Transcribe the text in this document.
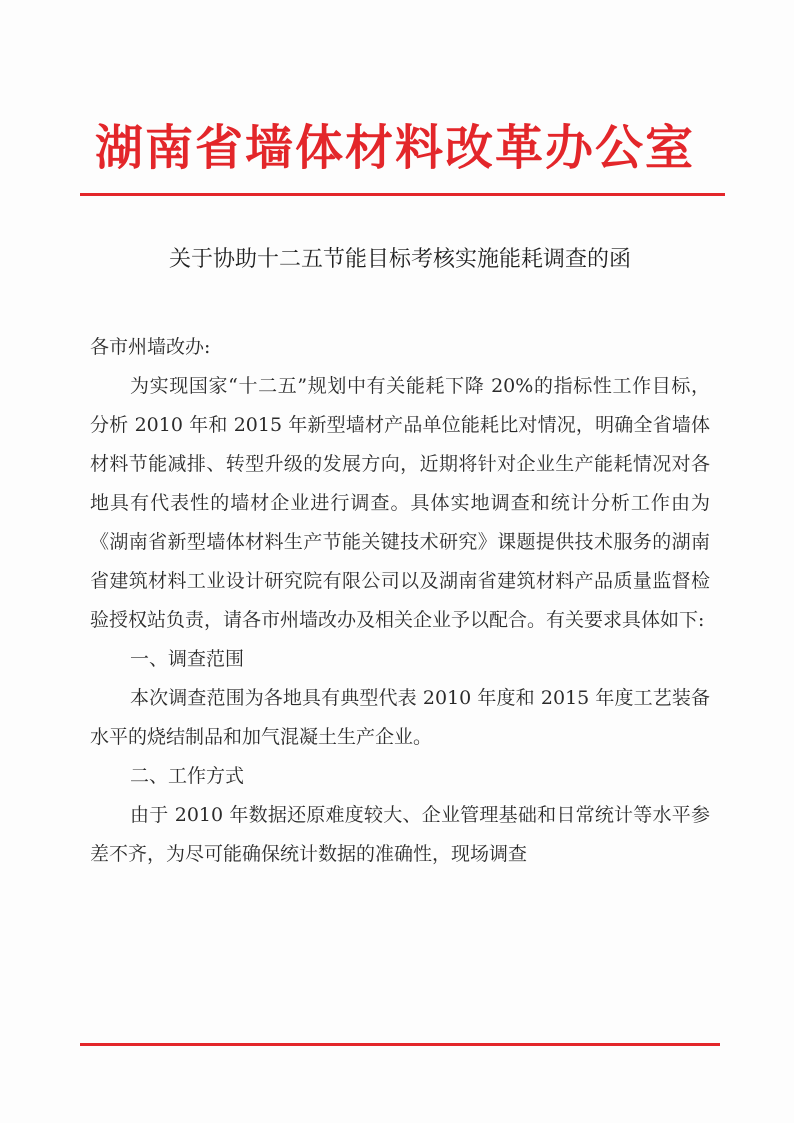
湖南省墙体材料改革办公室
关于协助十二五节能目标考核实施能耗调查的函

各市州墙改办:

为实现国家“十二五”规划中有关能耗下降 20%的指标性工作目标，分析 2010 年和 2015 年新型墙材产品单位能耗比对情况，明确全省墙体材料节能减排、转型升级的发展方向，近期将针对企业生产能耗情况对各地具有代表性的墙材企业进行调查。具体实地调查和统计分析工作由为《湖南省新型墙体材料生产节能关键技术研究》课题提供技术服务的湖南省建筑材料工业设计研究院有限公司以及湖南省建筑材料产品质量监督检验授权站负责，请各市州墙改办及相关企业予以配合。有关要求具体如下:

一、调查范围

本次调查范围为各地具有典型代表 2010 年度和 2015 年度工艺装备水平的烧结制品和加气混凝土生产企业。

二、工作方式

由于 2010 年数据还原难度较大、企业管理基础和日常统计等水平参差不齐，为尽可能确保统计数据的准确性，现场调查
